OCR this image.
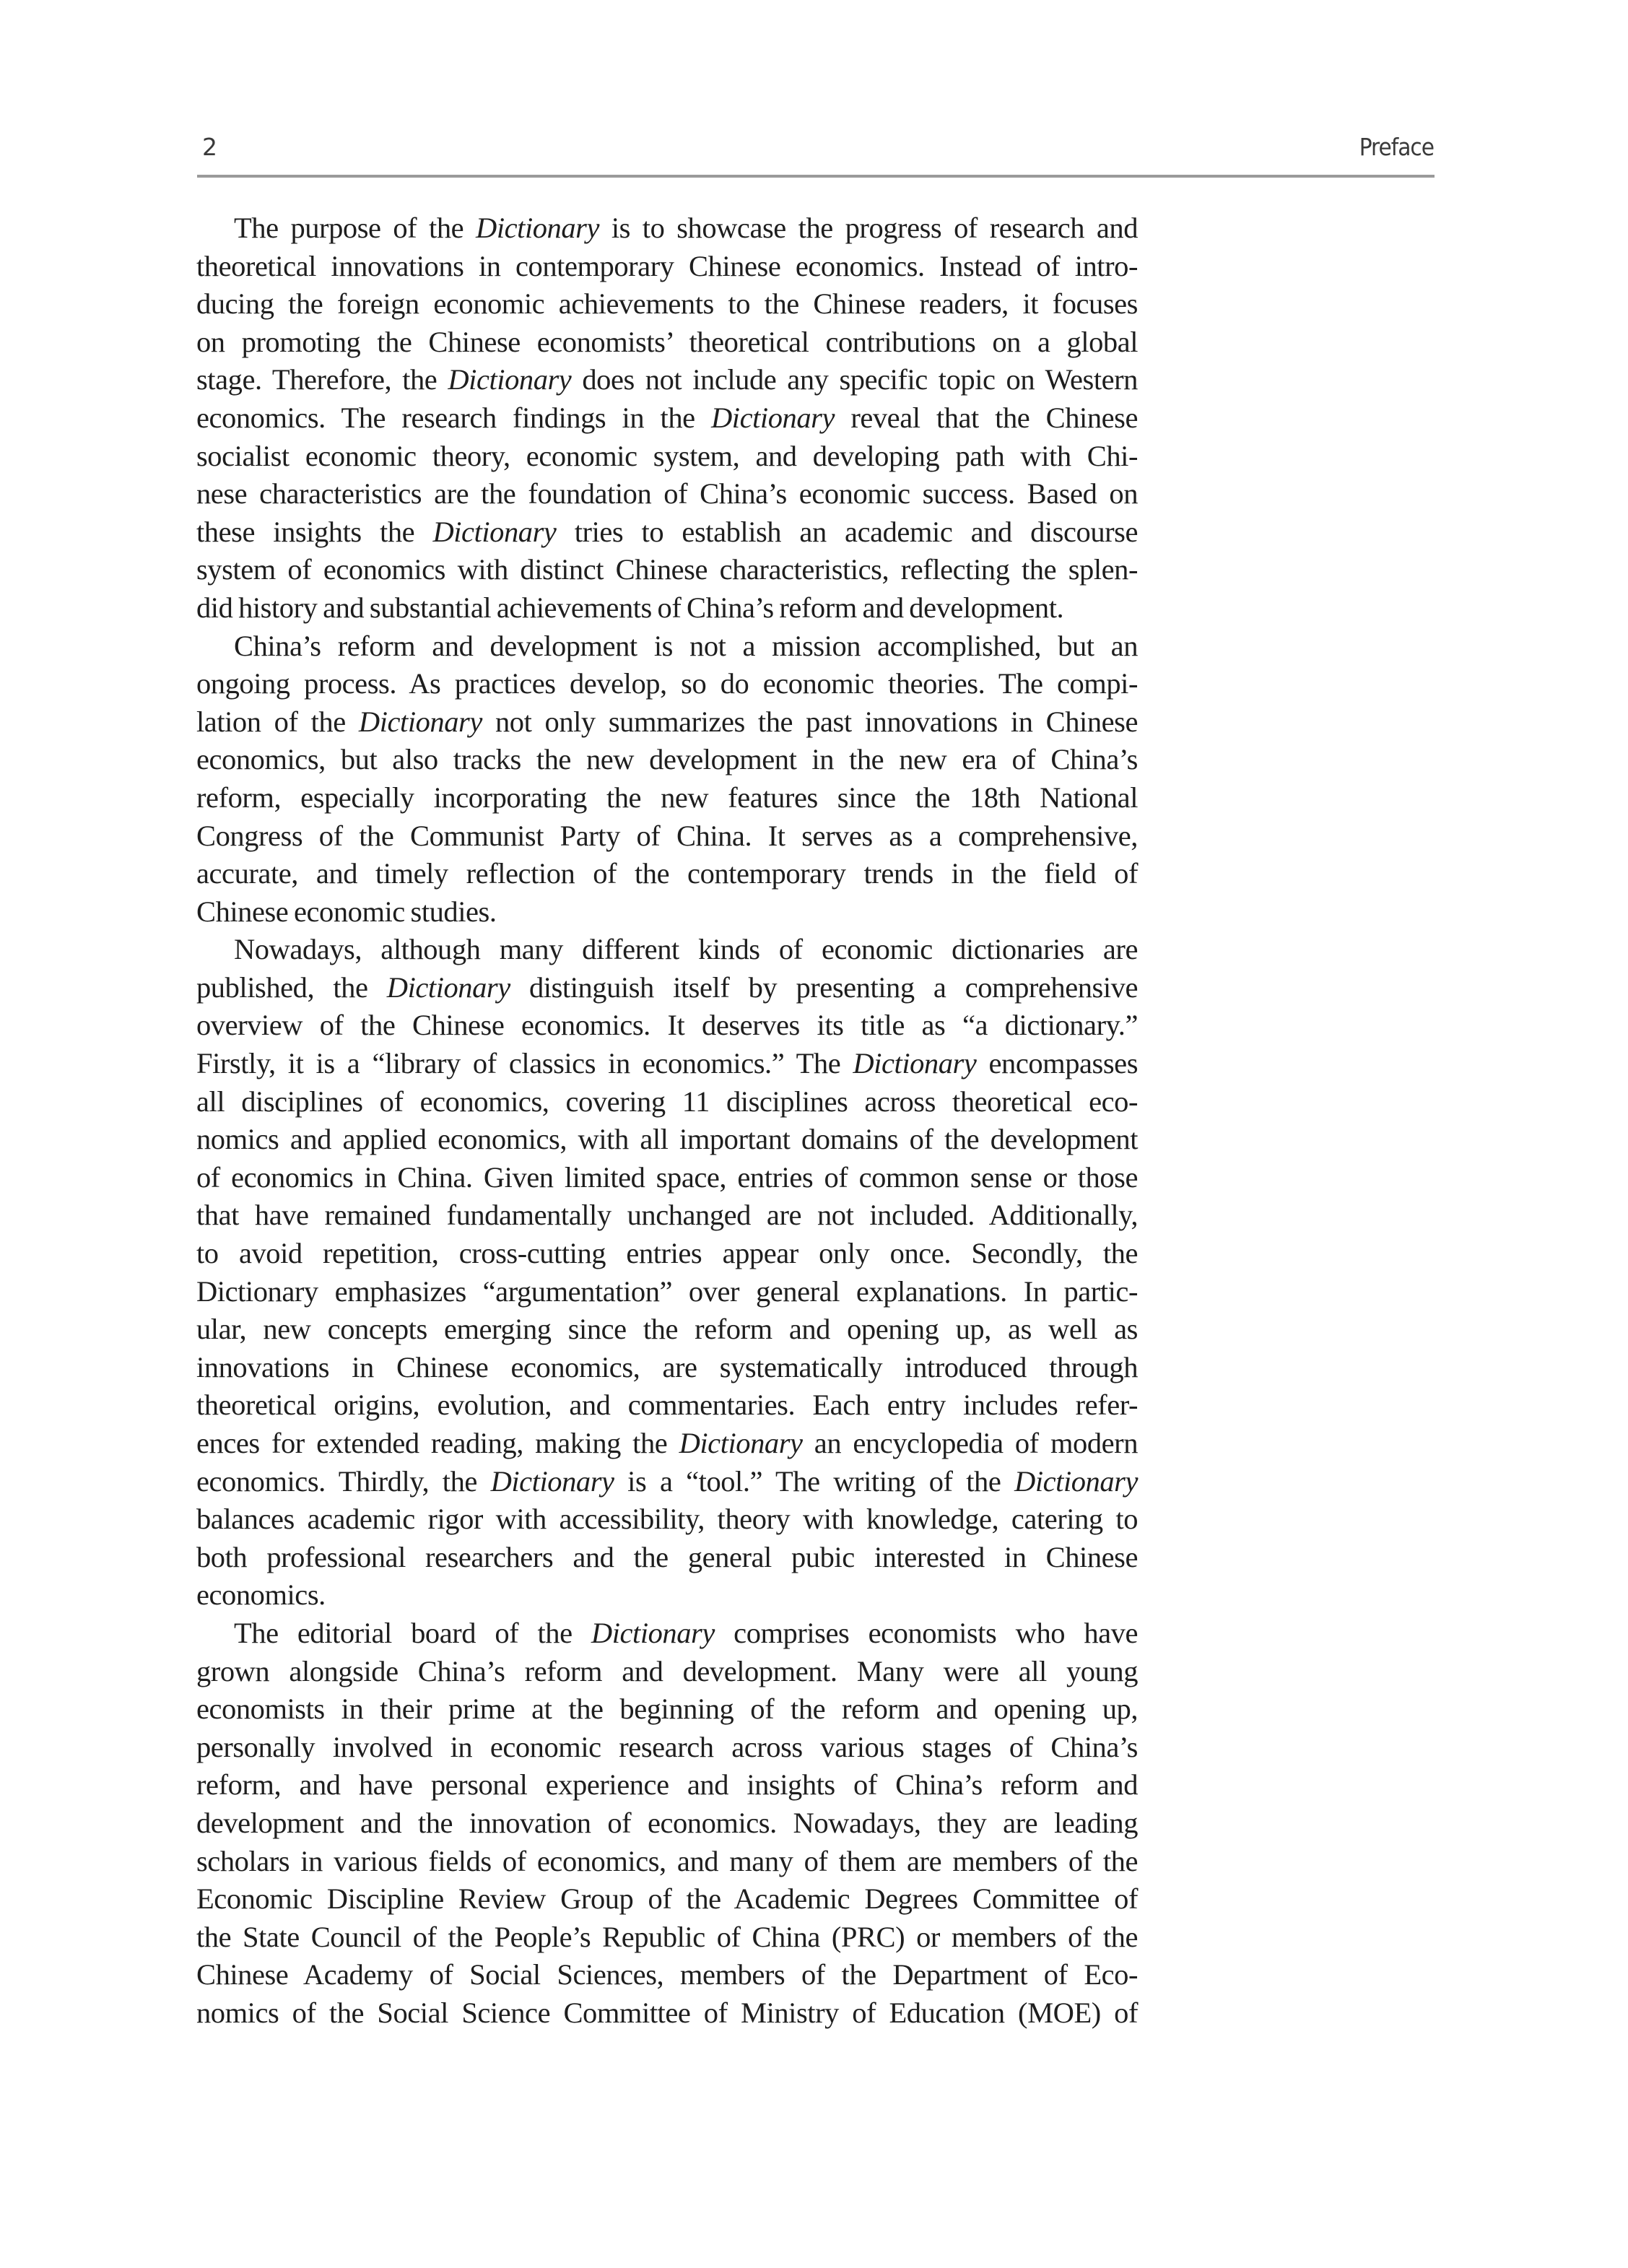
2	Preface
The purpose of the Dictionary is to showcase the progress of research and
theoretical innovations in contemporary Chinese economics. Instead of intro-
ducing the foreign economic achievements to the Chinese readers, it focuses
on promoting the Chinese economists’ theoretical contributions on a global
stage. Therefore, the Dictionary does not include any specific topic on Western
economics. The research findings in the Dictionary reveal that the Chinese
socialist economic theory, economic system, and developing path with Chi-
nese characteristics are the foundation of China’s economic success. Based on
these insights the Dictionary tries to establish an academic and discourse
system of economics with distinct Chinese characteristics, reflecting the splen-
did history and substantial achievements of China’s reform and development.
China’s reform and development is not a mission accomplished, but an
ongoing process. As practices develop, so do economic theories. The compi-
lation of the Dictionary not only summarizes the past innovations in Chinese
economics, but also tracks the new development in the new era of China’s
reform, especially incorporating the new features since the 18th National
Congress of the Communist Party of China. It serves as a comprehensive,
accurate, and timely reflection of the contemporary trends in the field of
Chinese economic studies.
Nowadays, although many different kinds of economic dictionaries are
published, the Dictionary distinguish itself by presenting a comprehensive
overview of the Chinese economics. It deserves its title as “a dictionary.”
Firstly, it is a “library of classics in economics.” The Dictionary encompasses
all disciplines of economics, covering 11 disciplines across theoretical eco-
nomics and applied economics, with all important domains of the development
of economics in China. Given limited space, entries of common sense or those
that have remained fundamentally unchanged are not included. Additionally,
to avoid repetition, cross-cutting entries appear only once. Secondly, the
Dictionary emphasizes “argumentation” over general explanations. In partic-
ular, new concepts emerging since the reform and opening up, as well as
innovations in Chinese economics, are systematically introduced through
theoretical origins, evolution, and commentaries. Each entry includes refer-
ences for extended reading, making the Dictionary an encyclopedia of modern
economics. Thirdly, the Dictionary is a “tool.” The writing of the Dictionary
balances academic rigor with accessibility, theory with knowledge, catering to
both professional researchers and the general pubic interested in Chinese
economics.
The editorial board of the Dictionary comprises economists who have
grown alongside China’s reform and development. Many were all young
economists in their prime at the beginning of the reform and opening up,
personally involved in economic research across various stages of China’s
reform, and have personal experience and insights of China’s reform and
development and the innovation of economics. Nowadays, they are leading
scholars in various fields of economics, and many of them are members of the
Economic Discipline Review Group of the Academic Degrees Committee of
the State Council of the People’s Republic of China (PRC) or members of the
Chinese Academy of Social Sciences, members of the Department of Eco-
nomics of the Social Science Committee of Ministry of Education (MOE) of
